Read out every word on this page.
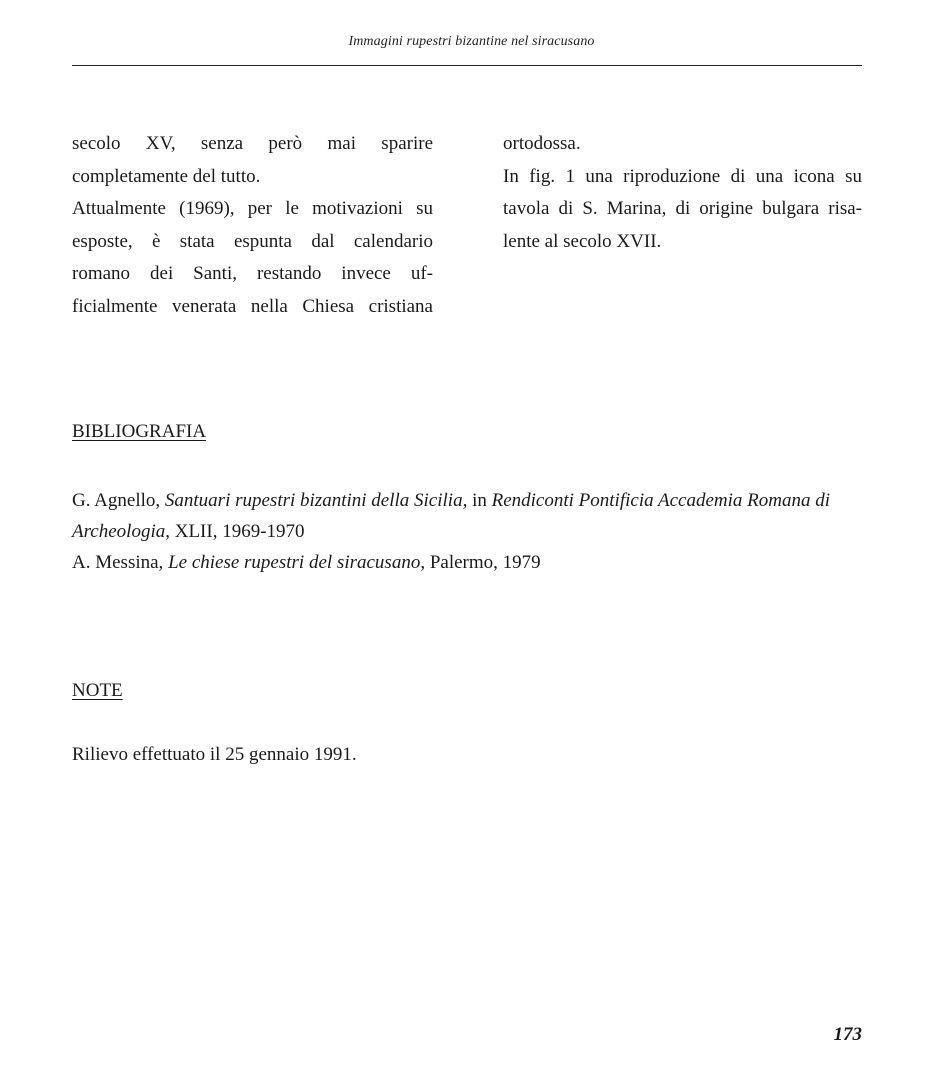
Immagini rupestri bizantine nel siracusano

secolo XV, senza però mai sparire

completamente del tutto.

Attualmente (1969), per le motivazioni su

esposte, è stata espunta dal calendario

romano dei Santi, restando invece uf-

ficialmente venerata nella Chiesa cristiana

ortodossa.

In fig. 1 una riproduzione di una icona su

tavola di S. Marina, di origine bulgara risa-

lente al secolo XVII.

BIBLIOGRAFIA
G. Agnello, Santuari rupestri bizantini della Sicilia, in Rendiconti Pontificia Accademia Romana di Archeologia, XLII, 1969-1970
A. Messina, Le chiese rupestri del siracusano, Palermo, 1979
NOTE

Rilievo effettuato il 25 gennaio 1991.

173
